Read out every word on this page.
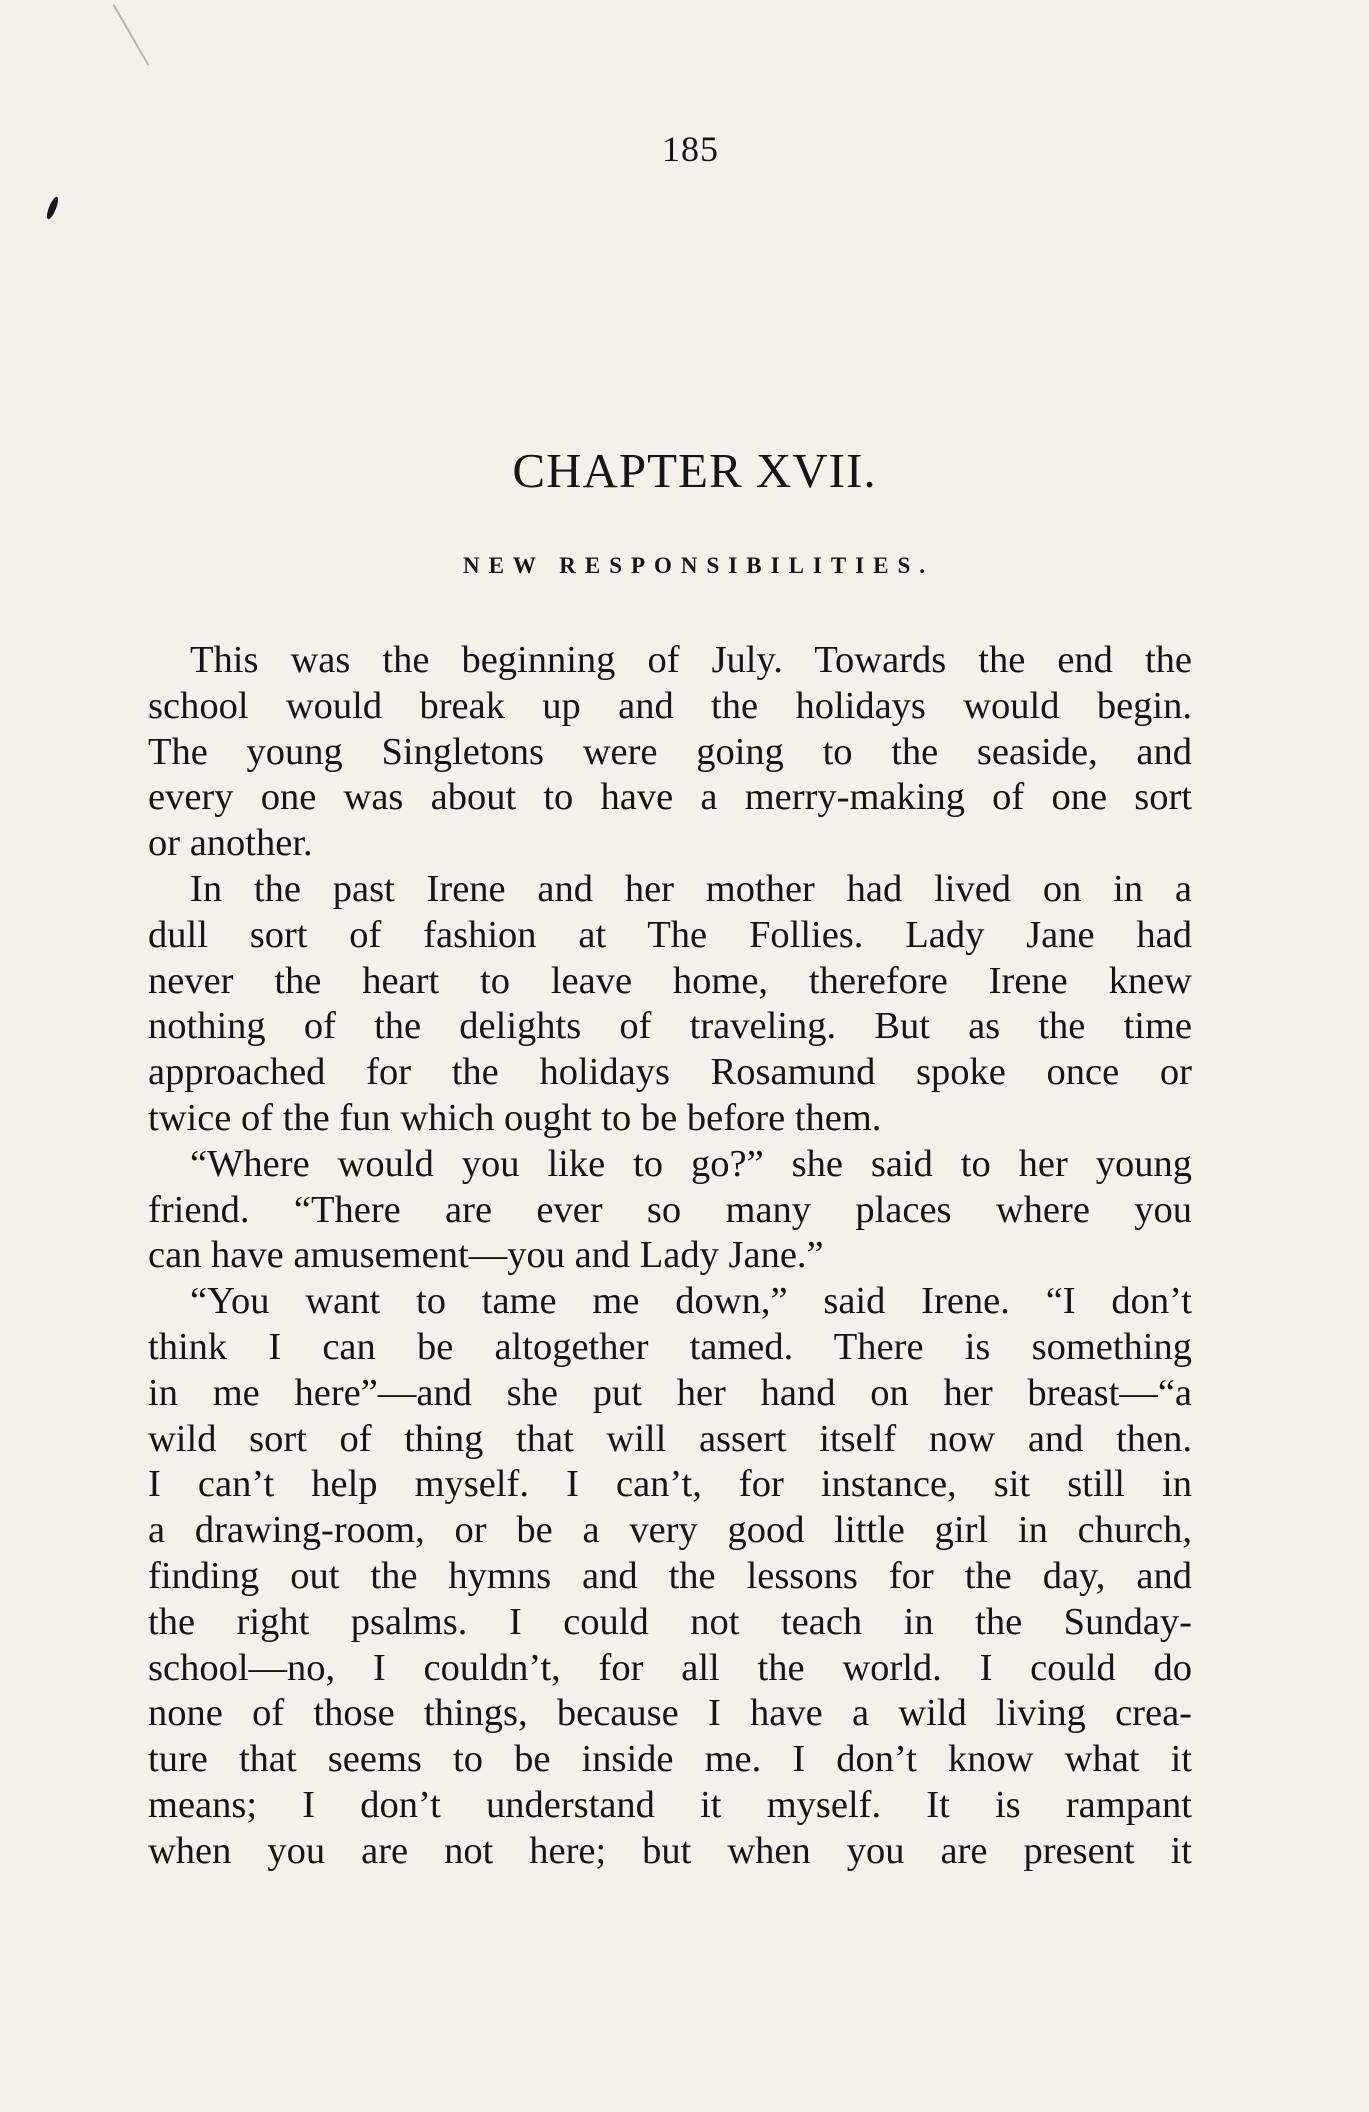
185
CHAPTER XVII.
NEW RESPONSIBILITIES.
This was the beginning of July. Towards the end the
school would break up and the holidays would begin.
The young Singletons were going to the seaside, and
every one was about to have a merry-making of one sort
or another.
In the past Irene and her mother had lived on in a
dull sort of fashion at The Follies. Lady Jane had
never the heart to leave home, therefore Irene knew
nothing of the delights of traveling. But as the time
approached for the holidays Rosamund spoke once or
twice of the fun which ought to be before them.
“Where would you like to go?” she said to her young
friend. “There are ever so many places where you
can have amusement—you and Lady Jane.”
“You want to tame me down,” said Irene. “I don’t
think I can be altogether tamed. There is something
in me here”—and she put her hand on her breast—“a
wild sort of thing that will assert itself now and then.
I can’t help myself. I can’t, for instance, sit still in
a drawing-room, or be a very good little girl in church,
finding out the hymns and the lessons for the day, and
the right psalms. I could not teach in the Sunday-
school—no, I couldn’t, for all the world. I could do
none of those things, because I have a wild living crea-
ture that seems to be inside me. I don’t know what it
means; I don’t understand it myself. It is rampant
when you are not here; but when you are present it
